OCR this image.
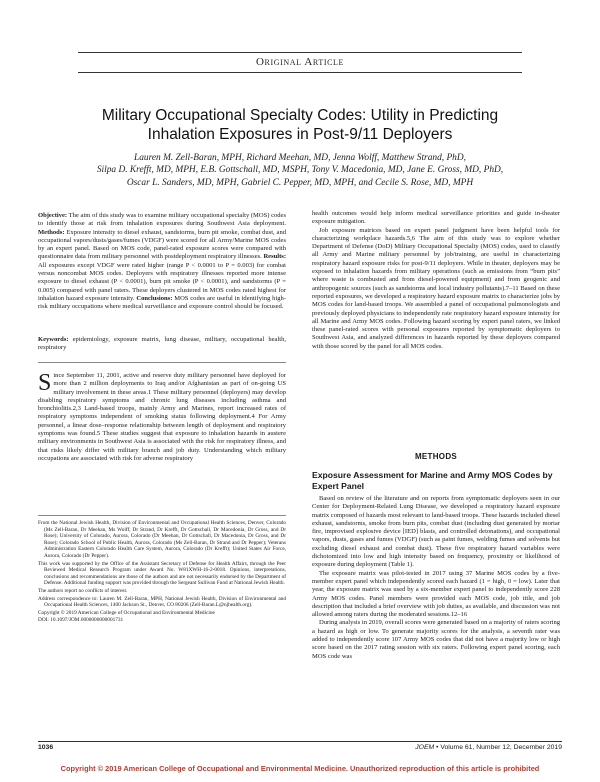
Original Article
Military Occupational Specialty Codes: Utility in Predicting
Inhalation Exposures in Post-9/11 Deployers
Lauren M. Zell-Baran, MPH, Richard Meehan, MD, Jenna Wolff, Matthew Strand, PhD,
Silpa D. Krefft, MD, MPH, E.B. Gottschall, MD, MSPH, Tony V. Macedonia, MD, Jane E. Gross, MD, PhD,
Oscar L. Sanders, MD, MPH, Gabriel C. Pepper, MD, MPH, and Cecile S. Rose, MD, MPH
Objective: The aim of this study was to examine military occupational specialty (MOS) codes to identify those at risk from inhalation exposures during Southwest Asia deployment. Methods: Exposure intensity to diesel exhaust, sandstorms, burn pit smoke, combat dust, and occupational vapors/dusts/gases/fumes (VDGF) were scored for all Army/Marine MOS codes by an expert panel. Based on MOS code, panel-rated exposure scores were compared with questionnaire data from military personnel with postdeployment respiratory illnesses. Results: All exposures except VDGF were rated higher (range P < 0.0001 to P = 0.003) for combat versus noncombat MOS codes. Deployers with respiratory illnesses reported more intense exposure to diesel exhaust (P < 0.0001), burn pit smoke (P < 0.0001), and sandstorms (P = 0.005) compared with panel raters. These deployers clustered in MOS codes rated highest for inhalation hazard exposure intensity. Conclusions: MOS codes are useful in identifying high-risk military occupations where medical surveillance and exposure control should be focused.
Keywords: epidemiology, exposure matrix, lung disease, military, occupational health, respiratory

Since September 11, 2001, active and reserve duty military personnel have deployed for more than 2 million deployments to Iraq and/or Afghanistan as part of on-going US military involvement in these areas.1 These military personnel (deployers) may develop disabling respiratory symptoms and chronic lung diseases including asthma and bronchiolitis.2,3 Land-based troops, mainly Army and Marines, report increased rates of respiratory symptoms independent of smoking status following deployment.4 For Army personnel, a linear dose–response relationship between length of deployment and respiratory symptoms was found.5 These studies suggest that exposure to inhalation hazards in austere military environments in Southwest Asia is associated with the risk for respiratory illness, and that risks likely differ with military branch and job duty. Understanding which military occupations are associated with risk for adverse respiratory

From the National Jewish Health, Division of Environmental and Occupational Health Sciences, Denver, Colorado (Ms Zell-Baran, Dr Meehan, Ms Wolff, Dr Strand, Dr Krefft, Dr Gottschall, Dr Macedonia, Dr Gross, and Dr Rose); University of Colorado, Aurora, Colorado (Dr Meehan, Dr Gottschall, Dr Macedonia, Dr Gross, and Dr Rose); Colorado School of Public Health, Aurora, Colorado (Ms Zell-Baran, Dr Strand and Dr Pepper); Veterans Administration Eastern Colorado Health Care System, Aurora, Colorado (Dr Krefft); United States Air Force, Aurora, Colorado (Dr Pepper).

This work was supported by the Office of the Assistant Secretary of Defense for Health Affairs, through the Peer Reviewed Medical Research Program under Award No. W81XWH-16-2-0018. Opinions, interpretations, conclusions and recommendations are those of the authors and are not necessarily endorsed by the Department of Defense. Additional funding support was provided through the Sergeant Sullivan Fund at National Jewish Health.

The authors report no conflicts of interest.

Address correspondence to: Lauren M. Zell-Baran, MPH, National Jewish Health, Division of Environmental and Occupational Health Sciences, 1400 Jackson St., Denver, CO 80206 (Zell-Baran.L@njhealth.org).

Copyright © 2019 American College of Occupational and Environmental Medicine

DOI: 10.1097/JOM.0000000000001731

health outcomes would help inform medical surveillance priorities and guide in-theater exposure mitigation.

Job exposure matrices based on expert panel judgment have been helpful tools for characterizing workplace hazards.5,6 The aim of this study was to explore whether Department of Defense (DoD) Military Occupational Specialty (MOS) codes, used to classify all Army and Marine military personnel by job/training, are useful in characterizing respiratory hazard exposure risks for post-9/11 deployers. While in theater, deployers may be exposed to inhalation hazards from military operations (such as emissions from “burn pits” where waste is combusted and from diesel-powered equipment) and from geogenic and anthropogenic sources (such as sandstorms and local industry pollutants).7–11 Based on these reported exposures, we developed a respiratory hazard exposure matrix to characterize jobs by MOS codes for land-based troops. We assembled a panel of occupational pulmonologists and previously deployed physicians to independently rate respiratory hazard exposure intensity for all Marine and Army MOS codes. Following hazard scoring by expert panel raters, we linked these panel-rated scores with personal exposures reported by symptomatic deployers to Southwest Asia, and analyzed differences in hazards reported by these deployers compared with those scored by the panel for all MOS codes.

METHODS
Exposure Assessment for Marine and Army MOS Codes by Expert Panel

Based on review of the literature and on reports from symptomatic deployers seen in our Center for Deployment-Related Lung Disease, we developed a respiratory hazard exposure matrix composed of hazards most relevant to land-based troops. These hazards included diesel exhaust, sandstorms, smoke from burn pits, combat dust (including dust generated by mortar fire, improvised explosive device [IED] blasts, and controlled detonations), and occupational vapors, dusts, gases and fumes (VDGF) (such as paint fumes, welding fumes and solvents but excluding diesel exhaust and combat dust). These five respiratory hazard variables were dichotomized into low and high intensity based on frequency, proximity or likelihood of exposure during deployment (Table 1).

The exposure matrix was pilot-tested in 2017 using 37 Marine MOS codes by a five-member expert panel which independently scored each hazard (1 = high, 0 = low). Later that year, the exposure matrix was used by a six-member expert panel to independently score 228 Army MOS codes. Panel members were provided each MOS code, job title, and job description that included a brief overview with job duties, as available, and discussion was not allowed among raters during the moderated sessions.12–16

During analysis in 2019, overall scores were generated based on a majority of raters scoring a hazard as high or low. To generate majority scores for the analysis, a seventh rater was added to independently score 107 Army MOS codes that did not have a majority low or high score based on the 2017 rating session with six raters. Following expert panel scoring, each MOS code was

1036	JOEM • Volume 61, Number 12, December 2019
Copyright © 2019 American College of Occupational and Environmental Medicine. Unauthorized reproduction of this article is prohibited
